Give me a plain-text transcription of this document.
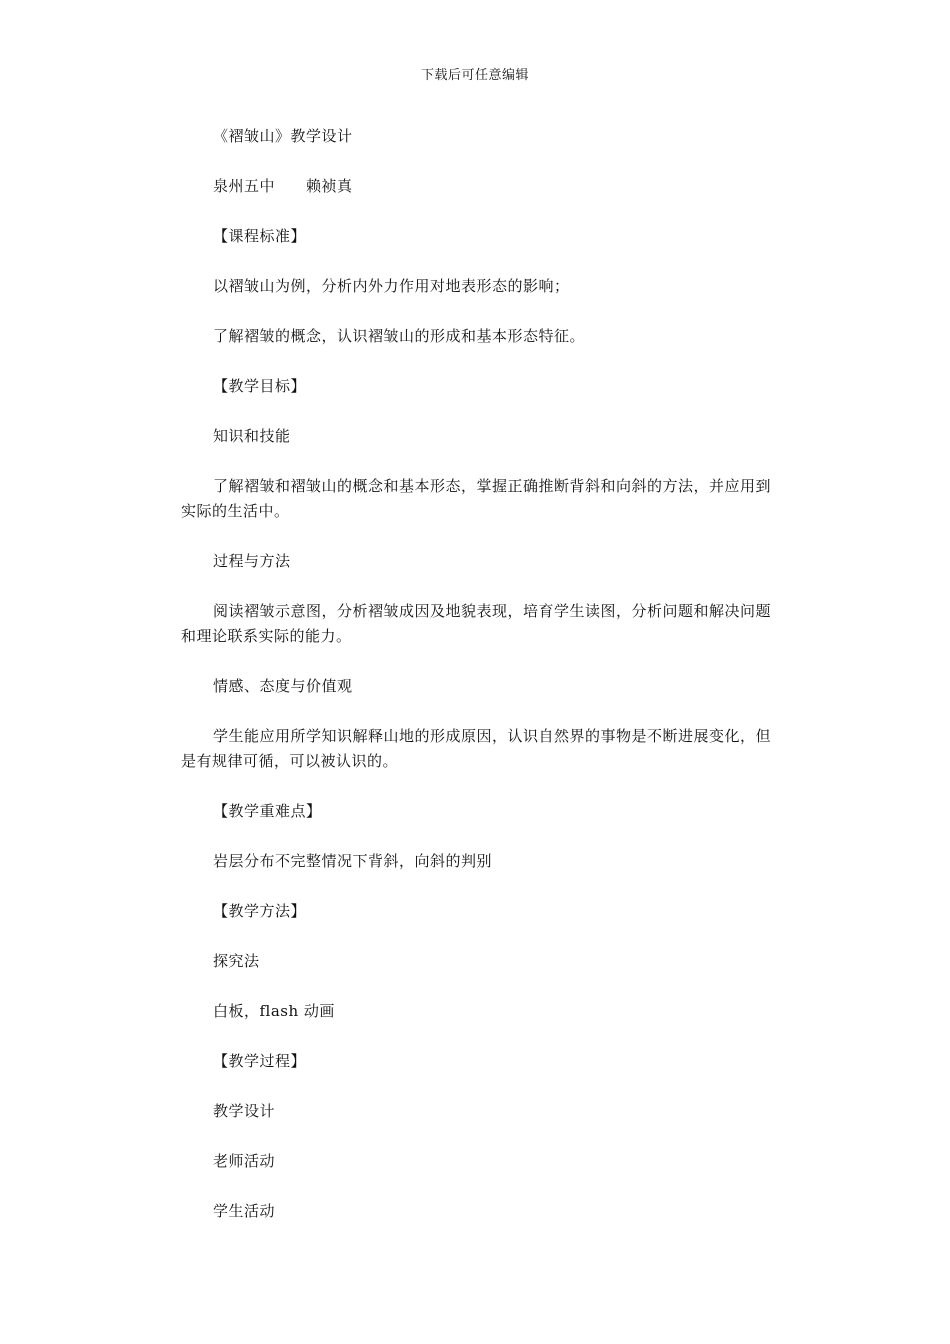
下载后可任意编辑

《褶皱山》教学设计

泉州五中　　赖祯真

【课程标准】

以褶皱山为例，分析内外力作用对地表形态的影响；

了解褶皱的概念，认识褶皱山的形成和基本形态特征。

【教学目标】

知识和技能

了解褶皱和褶皱山的概念和基本形态，掌握正确推断背斜和向斜的方法，并应用到实际的生活中。

过程与方法

阅读褶皱示意图，分析褶皱成因及地貌表现，培育学生读图，分析问题和解决问题和理论联系实际的能力。

情感、态度与价值观

学生能应用所学知识解释山地的形成原因，认识自然界的事物是不断进展变化，但是有规律可循，可以被认识的。

【教学重难点】

岩层分布不完整情况下背斜，向斜的判别

【教学方法】

探究法

白板，flash 动画

【教学过程】

教学设计

老师活动

学生活动
